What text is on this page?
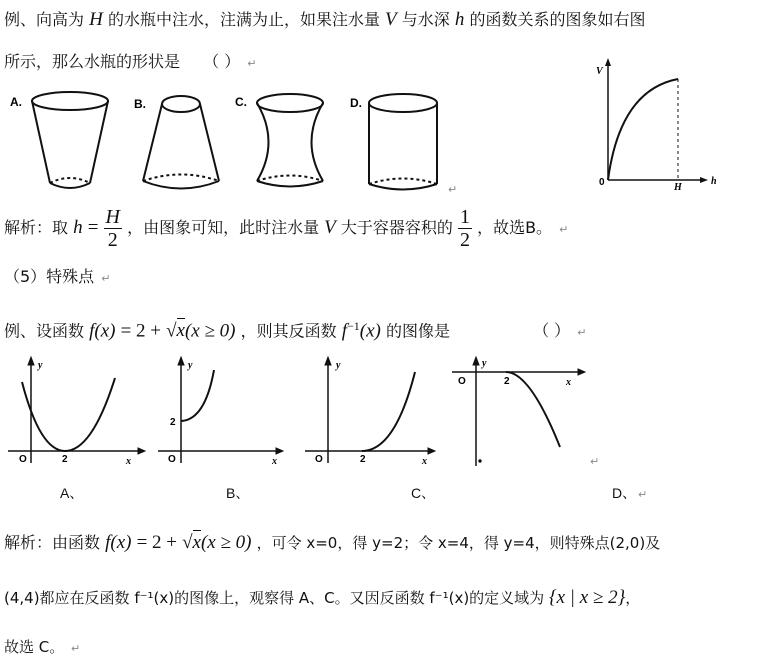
例、向高为 H 的水瓶中注水，注满为止，如果注水量 V 与水深 h 的函数关系的图象如右图
所示，那么水瓶的形状是 （ ） ↵
A.	B.	C.	D.
↵
V
h
0	H
解析：取 $h = \frac{H}{2}$ ，由图象可知，此时注水量 V 大于容器容积的 $\frac{1}{2}$ ，故选B。 ↵
（5）特殊点 ↵
例、设函数 f(x) = 2 + √x(x ≥ 0) ，则其反函数 $f^{-1}(x)$ 的图像是	（ ） ↵
y
x
O	2
y
x
O
2
y
x
O	2
y
x
O	2
↵
A、	B、	C、	D、 ↵
解析：由函数 f(x) = 2 + √x(x ≥ 0) ，可令 x=0，得 y=2；令 x=4，得 y=4，则特殊点(2,0)及
(4,4)都应在反函数 f⁻¹(x)的图像上，观察得 A、C。又因反函数 f⁻¹(x)的定义域为 {x | x ≥ 2}，
故选 C。 ↵
